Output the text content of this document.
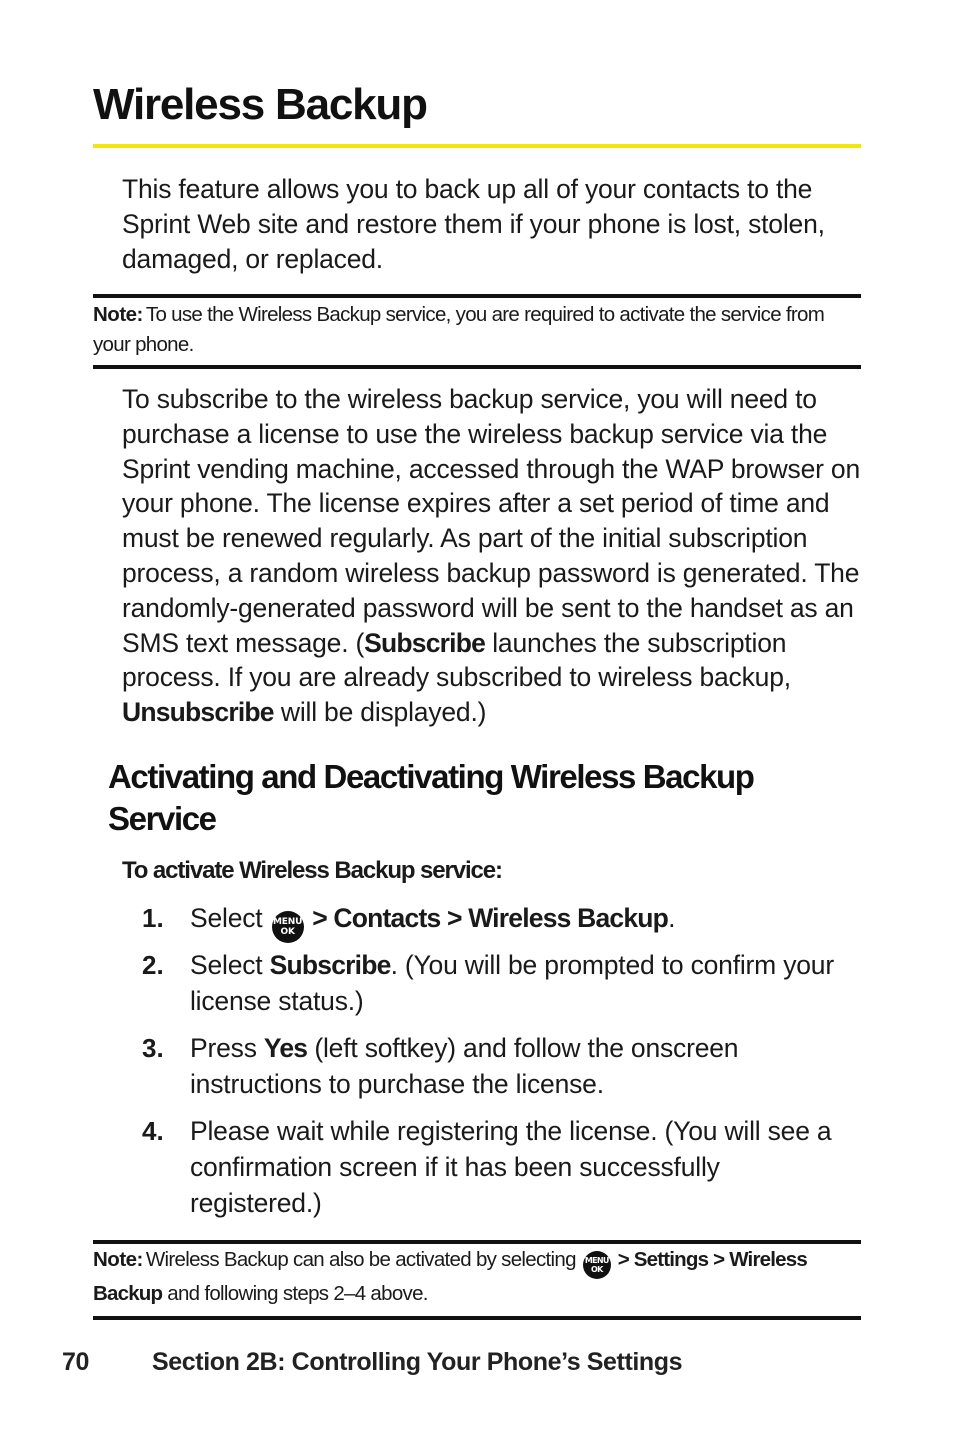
Wireless Backup
This feature allows you to back up all of your contacts to the Sprint Web site and restore them if your phone is lost, stolen, damaged, or replaced.
Note: To use the Wireless Backup service, you are required to activate the service from your phone.
To subscribe to the wireless backup service, you will need to purchase a license to use the wireless backup service via the Sprint vending machine, accessed through the WAP browser on your phone. The license expires after a set period of time and must be renewed regularly. As part of the initial subscription process, a random wireless backup password is generated. The randomly-generated password will be sent to the handset as an SMS text message. (Subscribe launches the subscription process. If you are already subscribed to wireless backup, Unsubscribe will be displayed.)
Activating and Deactivating Wireless Backup Service
To activate Wireless Backup service:
1. Select MENU
OK > Contacts > Wireless Backup.
2. Select Subscribe. (You will be prompted to confirm your license status.)
3. Press Yes (left softkey) and follow the onscreen instructions to purchase the license.
4. Please wait while registering the license. (You will see a confirmation screen if it has been successfully registered.)
Note: Wireless Backup can also be activated by selecting MENU
OK > Settings > Wireless Backup and following steps 2–4 above.
70	Section 2B: Controlling Your Phone’s Settings
